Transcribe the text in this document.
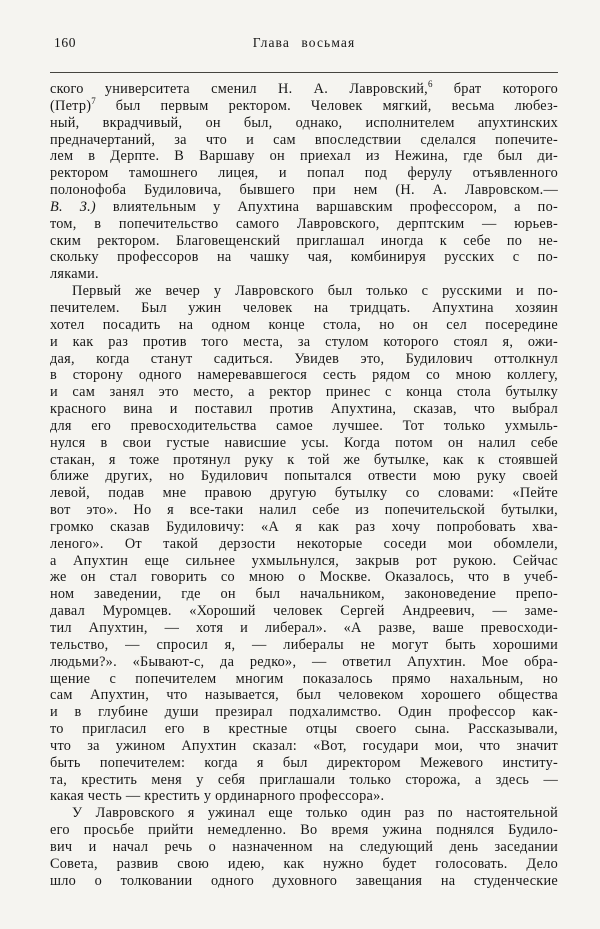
160	Глава восьмая
ского университета сменил Н. А. Лавровский,$^6$ брат которого
(Петр)$^7$ был первым ректором. Человек мягкий, весьма любез-
ный, вкрадчивый, он был, однако, исполнителем апухтинских
предначертаний, за что и сам впоследствии сделался попечите-
лем в Дерпте. В Варшаву он приехал из Нежина, где был ди-
ректором тамошнего лицея, и попал под ферулу отъявленного
полонофоба Будиловича, бывшего при нем (Н. А. Лавровском.—
В. З.) влиятельным у Апухтина варшавским профессором, а по-
том, в попечительство самого Лавровского, дерптским — юрьев-
ским ректором. Благовещенский приглашал иногда к себе по не-
скольку профессоров на чашку чая, комбинируя русских с по-
ляками.
Первый же вечер у Лавровского был только с русскими и по-
печителем. Был ужин человек на тридцать. Апухтина хозяин
хотел посадить на одном конце стола, но он сел посередине
и как раз против того места, за стулом которого стоял я, ожи-
дая, когда станут садиться. Увидев это, Будилович оттолкнул
в сторону одного намеревавшегося сесть рядом со мною коллегу,
и сам занял это место, а ректор принес с конца стола бутылку
красного вина и поставил против Апухтина, сказав, что выбрал
для его превосходительства самое лучшее. Тот только ухмыль-
нулся в свои густые нависшие усы. Когда потом он налил себе
стакан, я тоже протянул руку к той же бутылке, как к стоявшей
ближе других, но Будилович попытался отвести мою руку своей
левой, подав мне правою другую бутылку со словами: «Пейте
вот это». Но я все-таки налил себе из попечительской бутылки,
громко сказав Будиловичу: «А я как раз хочу попробовать хва-
леного». От такой дерзости некоторые соседи мои обомлели,
а Апухтин еще сильнее ухмыльнулся, закрыв рот рукою. Сейчас
же он стал говорить со мною о Москве. Оказалось, что в учеб-
ном заведении, где он был начальником, законоведение препо-
давал Муромцев. «Хороший человек Сергей Андреевич, — заме-
тил Апухтин, — хотя и либерал». «А разве, ваше превосходи-
тельство, — спросил я, — либералы не могут быть хорошими
людьми?». «Бывают-с, да редко», — ответил Апухтин. Мое обра-
щение с попечителем многим показалось прямо нахальным, но
сам Апухтин, что называется, был человеком хорошего общества
и в глубине души презирал подхалимство. Один профессор как-
то пригласил его в крестные отцы своего сына. Рассказывали,
что за ужином Апухтин сказал: «Вот, государи мои, что значит
быть попечителем: когда я был директором Межевого институ-
та, крестить меня у себя приглашали только сторожа, а здесь —
какая честь — крестить у ординарного профессора».
У Лавровского я ужинал еще только один раз по настоятельной
его просьбе прийти немедленно. Во время ужина поднялся Будило-
вич и начал речь о назначенном на следующий день заседании
Совета, развив свою идею, как нужно будет голосовать. Дело
шло о толковании одного духовного завещания на студенческие
